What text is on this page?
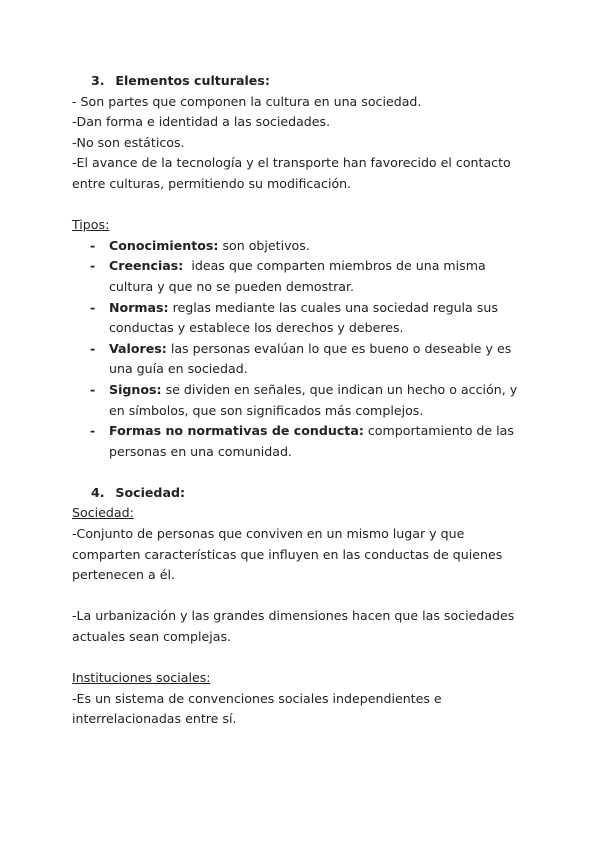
3. Elementos culturales:

- Son partes que componen la cultura en una sociedad.

-Dan forma e identidad a las sociedades.

-No son estáticos.

-El avance de la tecnología y el transporte han favorecido el contacto entre culturas, permitiendo su modificación.

Tipos:
- Conocimientos: son objetivos.
- Creencias:  ideas que comparten miembros de una misma cultura y que no se pueden demostrar.
- Normas: reglas mediante las cuales una sociedad regula sus conductas y establece los derechos y deberes.
- Valores: las personas evalúan lo que es bueno o deseable y es una guía en sociedad.
- Signos: se dividen en señales, que indican un hecho o acción, y en símbolos, que son significados más complejos.
- Formas no normativas de conducta: comportamiento de las personas en una comunidad.
4. Sociedad:
Sociedad:

-Conjunto de personas que conviven en un mismo lugar y que comparten características que influyen en las conductas de quienes pertenecen a él.

-La urbanización y las grandes dimensiones hacen que las sociedades actuales sean complejas.

Instituciones sociales:

-Es un sistema de convenciones sociales independientes e interrelacionadas entre sí.
